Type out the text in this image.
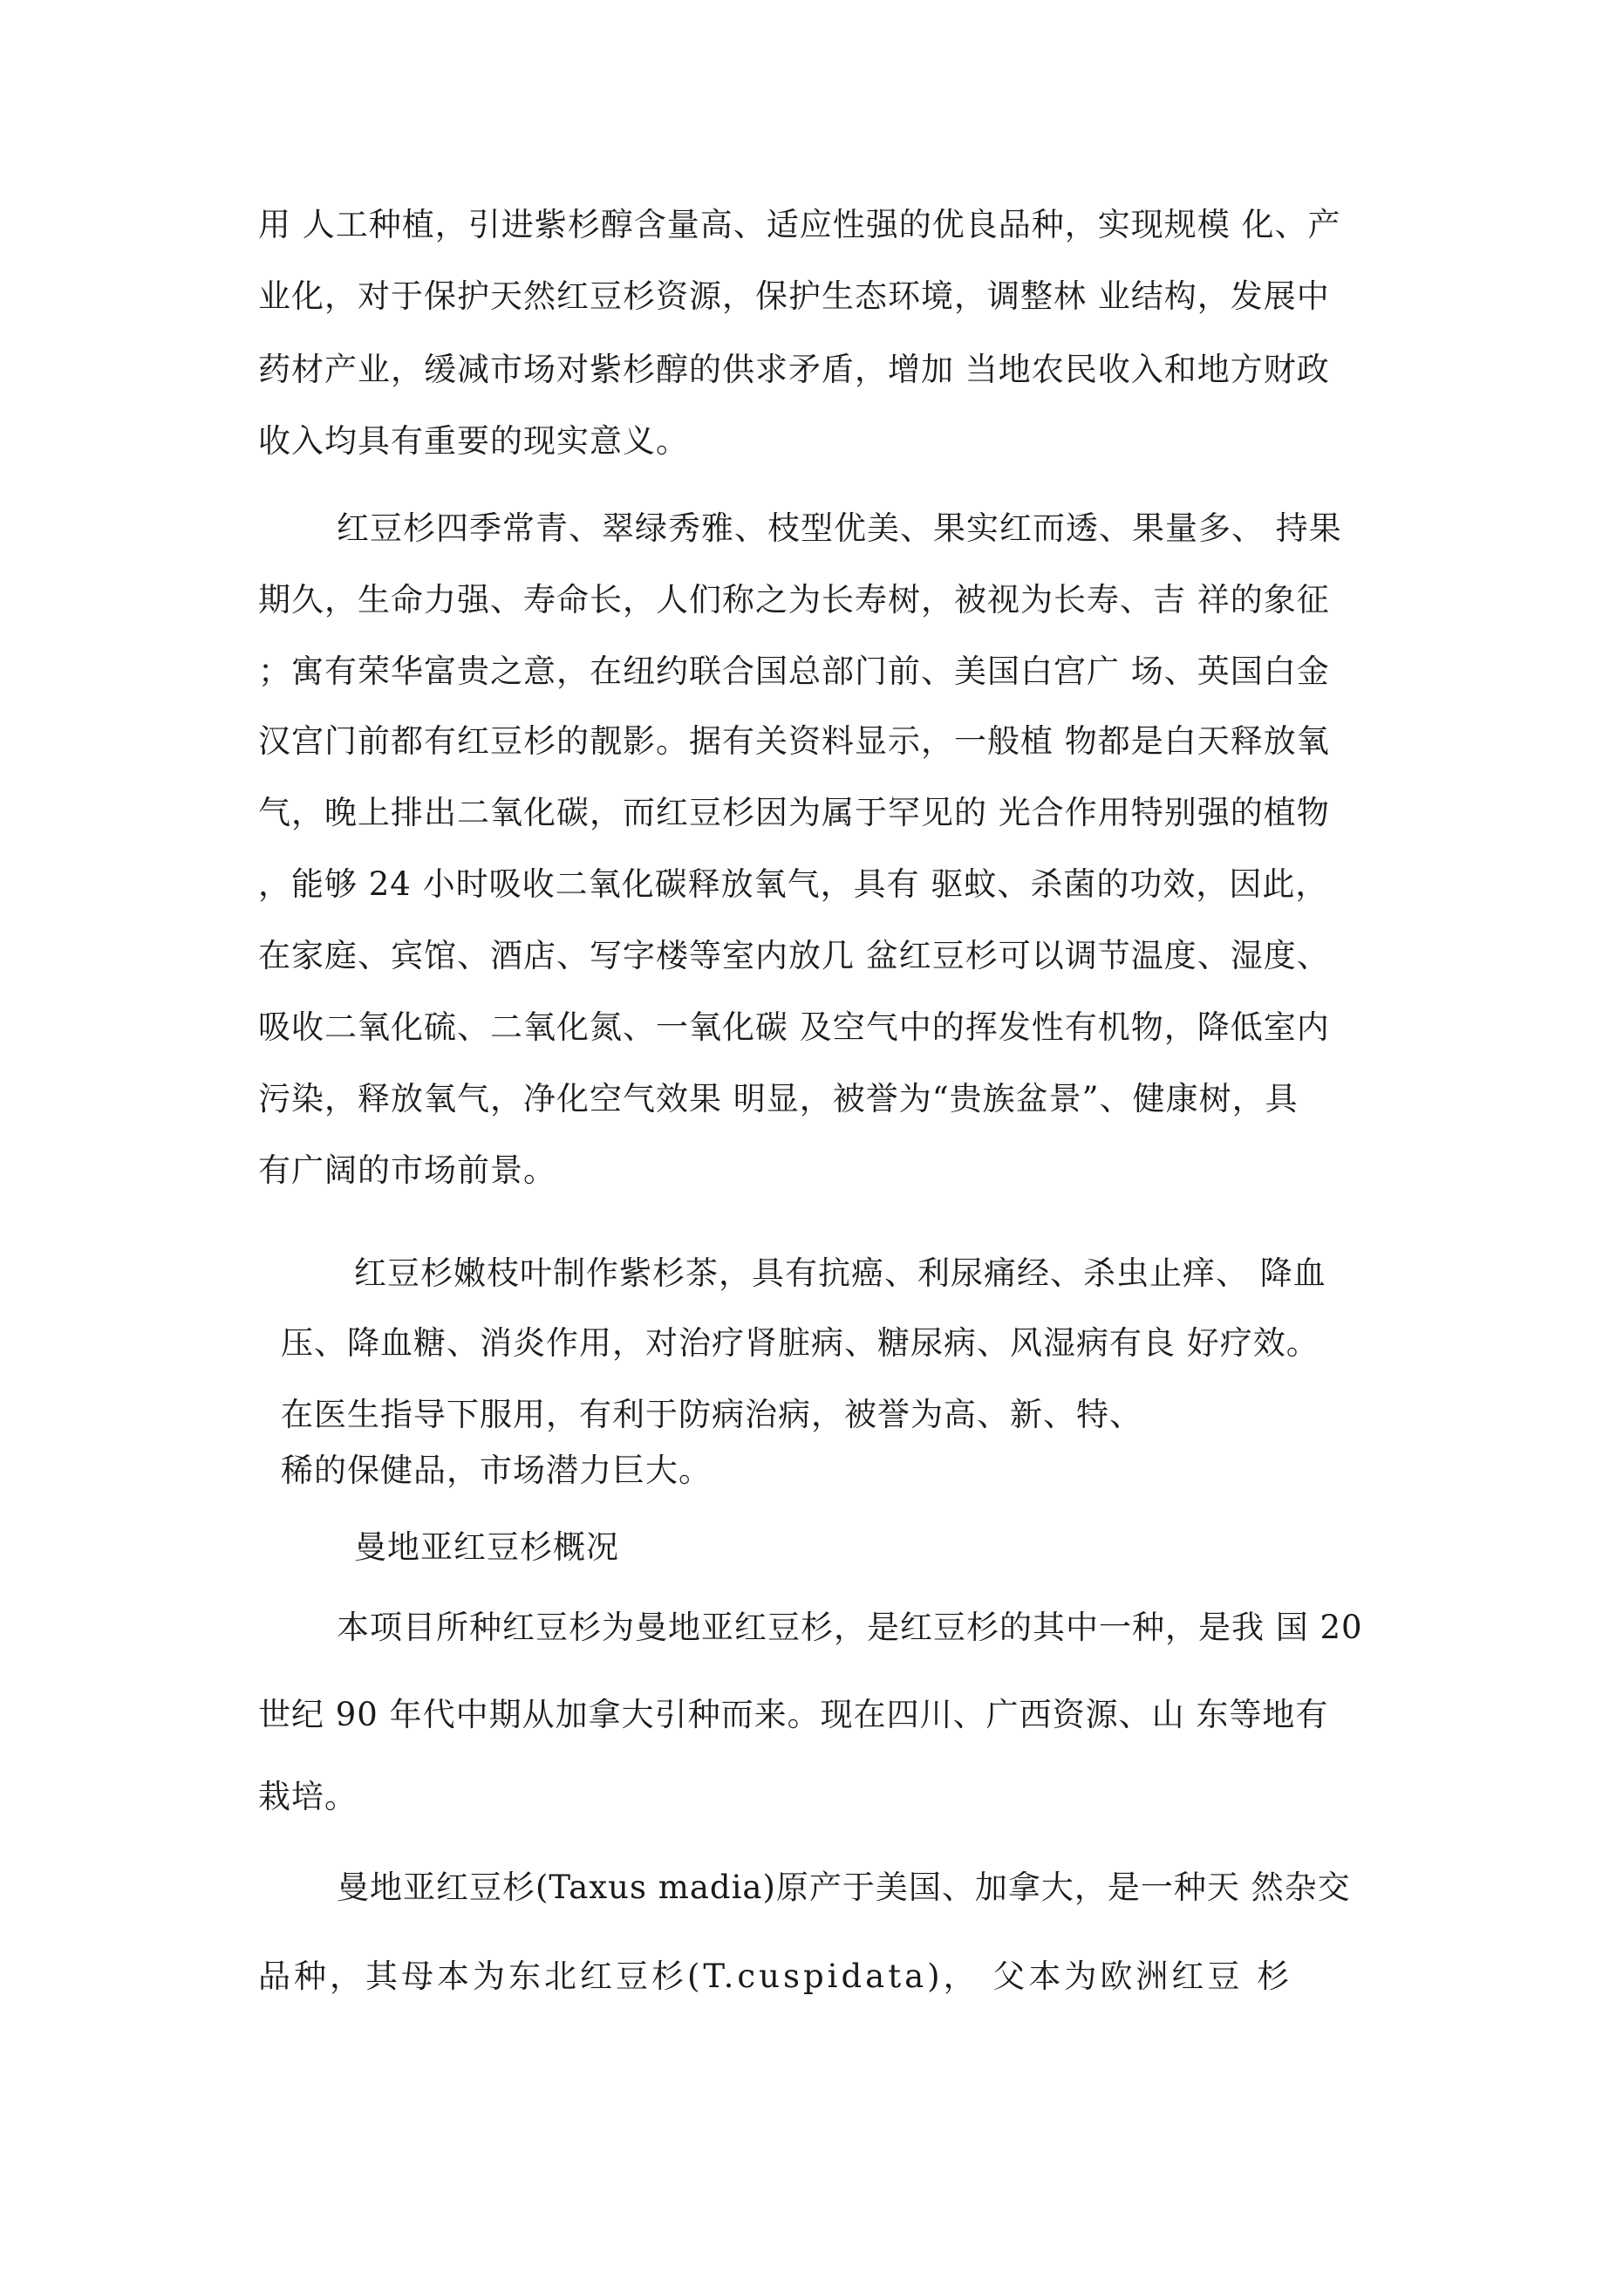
用 人工种植，引进紫杉醇含量高、适应性强的优良品种，实现规模 化、产
业化，对于保护天然红豆杉资源，保护生态环境，调整林 业结构，发展中
药材产业，缓减市场对紫杉醇的供求矛盾，增加 当地农民收入和地方财政
收入均具有重要的现实意义。
红豆杉四季常青、翠绿秀雅、枝型优美、果实红而透、果量多、 持果
期久，生命力强、寿命长，人们称之为长寿树，被视为长寿、吉 祥的象征
；寓有荣华富贵之意，在纽约联合国总部门前、美国白宫广 场、英国白金
汉宫门前都有红豆杉的靓影。据有关资料显示，一般植 物都是白天释放氧
气，晚上排出二氧化碳，而红豆杉因为属于罕见的 光合作用特别强的植物
，能够 24 小时吸收二氧化碳释放氧气，具有 驱蚊、杀菌的功效，因此，
在家庭、宾馆、酒店、写字楼等室内放几 盆红豆杉可以调节温度、湿度、
吸收二氧化硫、二氧化氮、一氧化碳 及空气中的挥发性有机物，降低室内
污染，释放氧气，净化空气效果 明显，被誉为“贵族盆景”、健康树，具
有广阔的市场前景。
红豆杉嫩枝叶制作紫杉茶，具有抗癌、利尿痛经、杀虫止痒、 降血
压、降血糖、消炎作用，对治疗肾脏病、糖尿病、风湿病有良 好疗效。
在医生指导下服用，有利于防病治病，被誉为高、新、特、
稀的保健品，市场潜力巨大。
曼地亚红豆杉概况
本项目所种红豆杉为曼地亚红豆杉，是红豆杉的其中一种，是我 国 20
世纪 90 年代中期从加拿大引种而来。现在四川、广西资源、山 东等地有
栽培。
曼地亚红豆杉(Taxus madia)原产于美国、加拿大，是一种天 然杂交
品种，其母本为东北红豆杉(T.cuspidata)， 父本为欧洲红豆 杉
